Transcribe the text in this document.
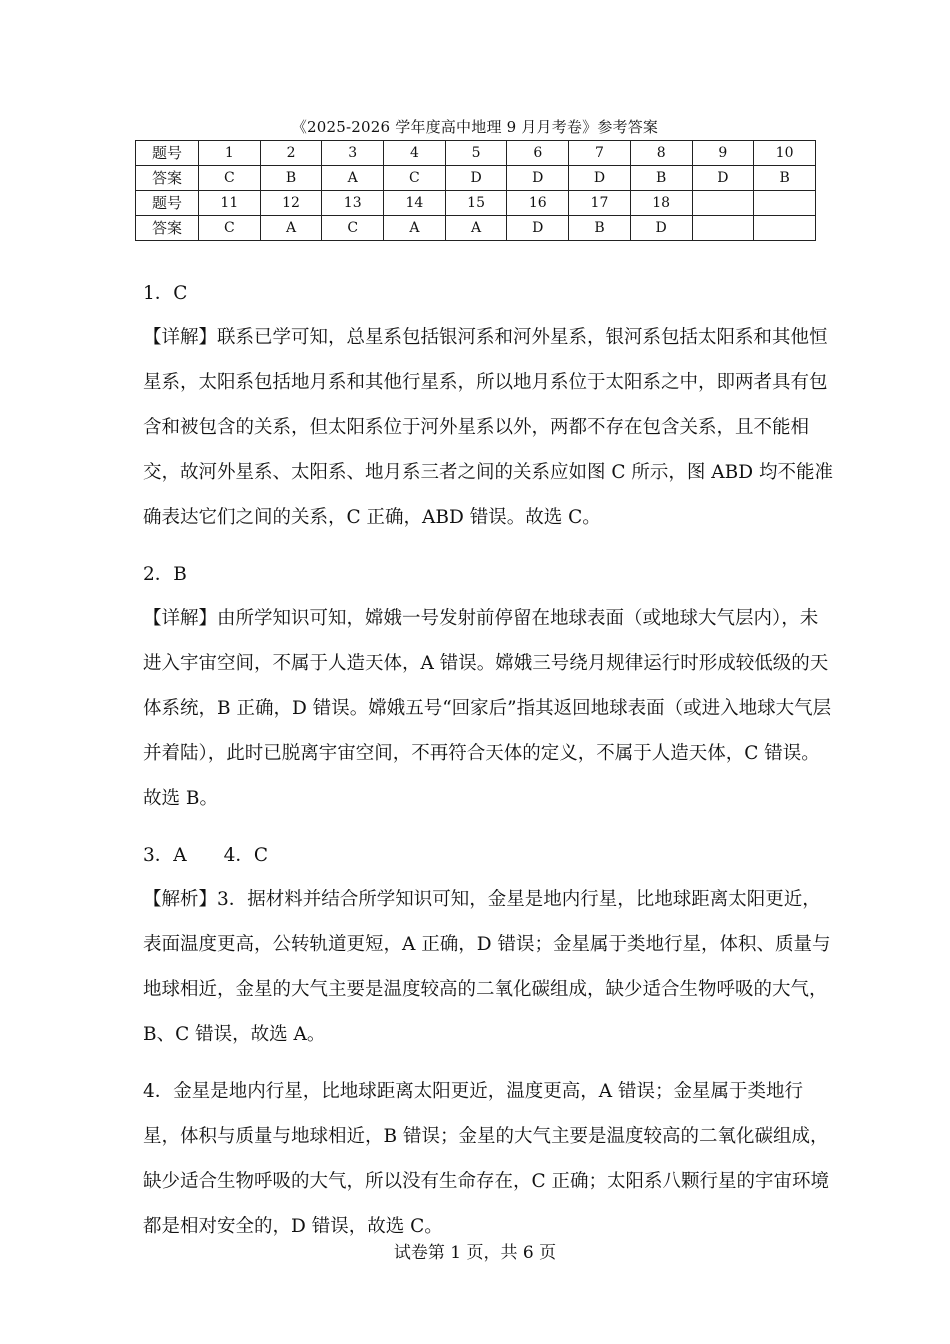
《2025-2026 学年度高中地理 9 月月考卷》参考答案
题号	1	2	3	4	5	6	7	8	9	10
答案	C	B	A	C	D	D	D	B	D	B
题号	11	12	13	14	15	16	17	18		
答案	C	A	C	A	A	D	B	D		

1．C

【详解】联系已学可知，总星系包括银河系和河外星系，银河系包括太阳系和其他恒星系，太阳系包括地月系和其他行星系，所以地月系位于太阳系之中，即两者具有包含和被包含的关系，但太阳系位于河外星系以外，两都不存在包含关系，且不能相交，故河外星系、太阳系、地月系三者之间的关系应如图 C 所示，图 ABD 均不能准确表达它们之间的关系，C 正确，ABD 错误。故选 C。

2．B

【详解】由所学知识可知，嫦娥一号发射前停留在地球表面（或地球大气层内），未进入宇宙空间，不属于人造天体，A 错误。嫦娥三号绕月规律运行时形成较低级的天体系统，B 正确，D 错误。嫦娥五号“回家后”指其返回地球表面（或进入地球大气层并着陆），此时已脱离宇宙空间，不再符合天体的定义，不属于人造天体，C 错误。故选 B。

3．A　　4．C

【解析】3．据材料并结合所学知识可知，金星是地内行星，比地球距离太阳更近，表面温度更高，公转轨道更短，A 正确，D 错误；金星属于类地行星，体积、质量与地球相近，金星的大气主要是温度较高的二氧化碳组成，缺少适合生物呼吸的大气，B、C 错误，故选 A。

4．金星是地内行星，比地球距离太阳更近，温度更高，A 错误；金星属于类地行星，体积与质量与地球相近，B 错误；金星的大气主要是温度较高的二氧化碳组成，缺少适合生物呼吸的大气，所以没有生命存在，C 正确；太阳系八颗行星的宇宙环境都是相对安全的，D 错误，故选 C。

试卷第 1 页，共 6 页
